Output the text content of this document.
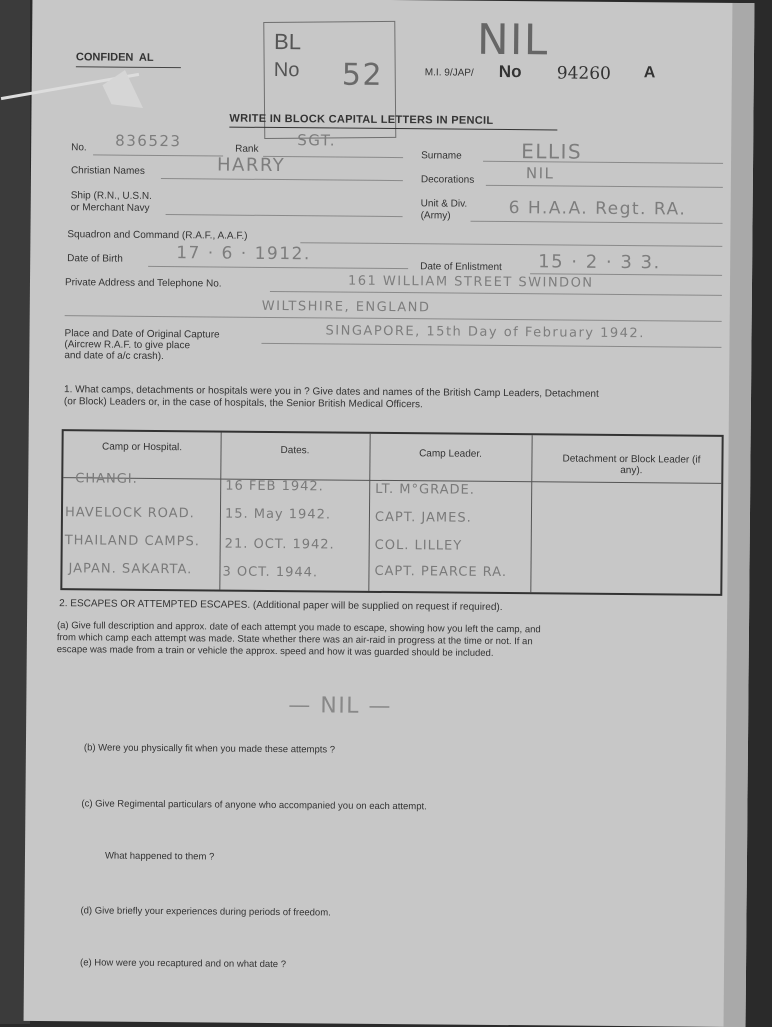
CONFIDEN AL
BL
No 52
NIL
M.I. 9/JAP/ No 94260 A
WRITE IN BLOCK CAPITAL LETTERS IN PENCIL
No. 836523	Rank	SGT.
Surname	ELLIS
Christian Names	HARRY
Decorations	NIL
Ship (R.N., U.S.N.
or Merchant Navy	Unit & Div.
(Army)	6 H.A.A. Regt. RA.
Squadron and Command (R.A.F., A.A.F.)
Date of Birth	17 · 6 · 1912.
Date of Enlistment 15 · 2 · 3 3.
Private Address and Telephone No.	161 WILLIAM STREET SWINDON
WILTSHIRE, ENGLAND
Place and Date of Original Capture
(Aircrew R.A.F. to give place
and date of a/c crash).
SINGAPORE, 15th Day of February 1942.
1. What camps, detachments or hospitals were you in ? Give dates and names of the British Camp Leaders, Detachment
(or Block) Leaders or, in the case of hospitals, the Senior British Medical Officers.
Camp or Hospital.	Dates.	Camp Leader.	Detachment or Block Leader (if any).
CHANGI.	16 FEB 1942.	LT. M°GRADE.
HAVELOCK ROAD. 15. May 1942.	CAPT. JAMES.
THAILAND CAMPS. 21. OCT. 1942.	COL. LILLEY
JAPAN. SAKARTA. 3 OCT. 1944.	CAPT. PEARCE RA.
2. ESCAPES OR ATTEMPTED ESCAPES. (Additional paper will be supplied on request if required).
(a) Give full description and approx. date of each attempt you made to escape, showing how you left the camp, and
from which camp each attempt was made. State whether there was an air-raid in progress at the time or not. If an
escape was made from a train or vehicle the approx. speed and how it was guarded should be included.
— NIL —
(b) Were you physically fit when you made these attempts ?
(c) Give Regimental particulars of anyone who accompanied you on each attempt.
What happened to them ?
(d) Give briefly your experiences during periods of freedom.
(e) How were you recaptured and on what date ?
